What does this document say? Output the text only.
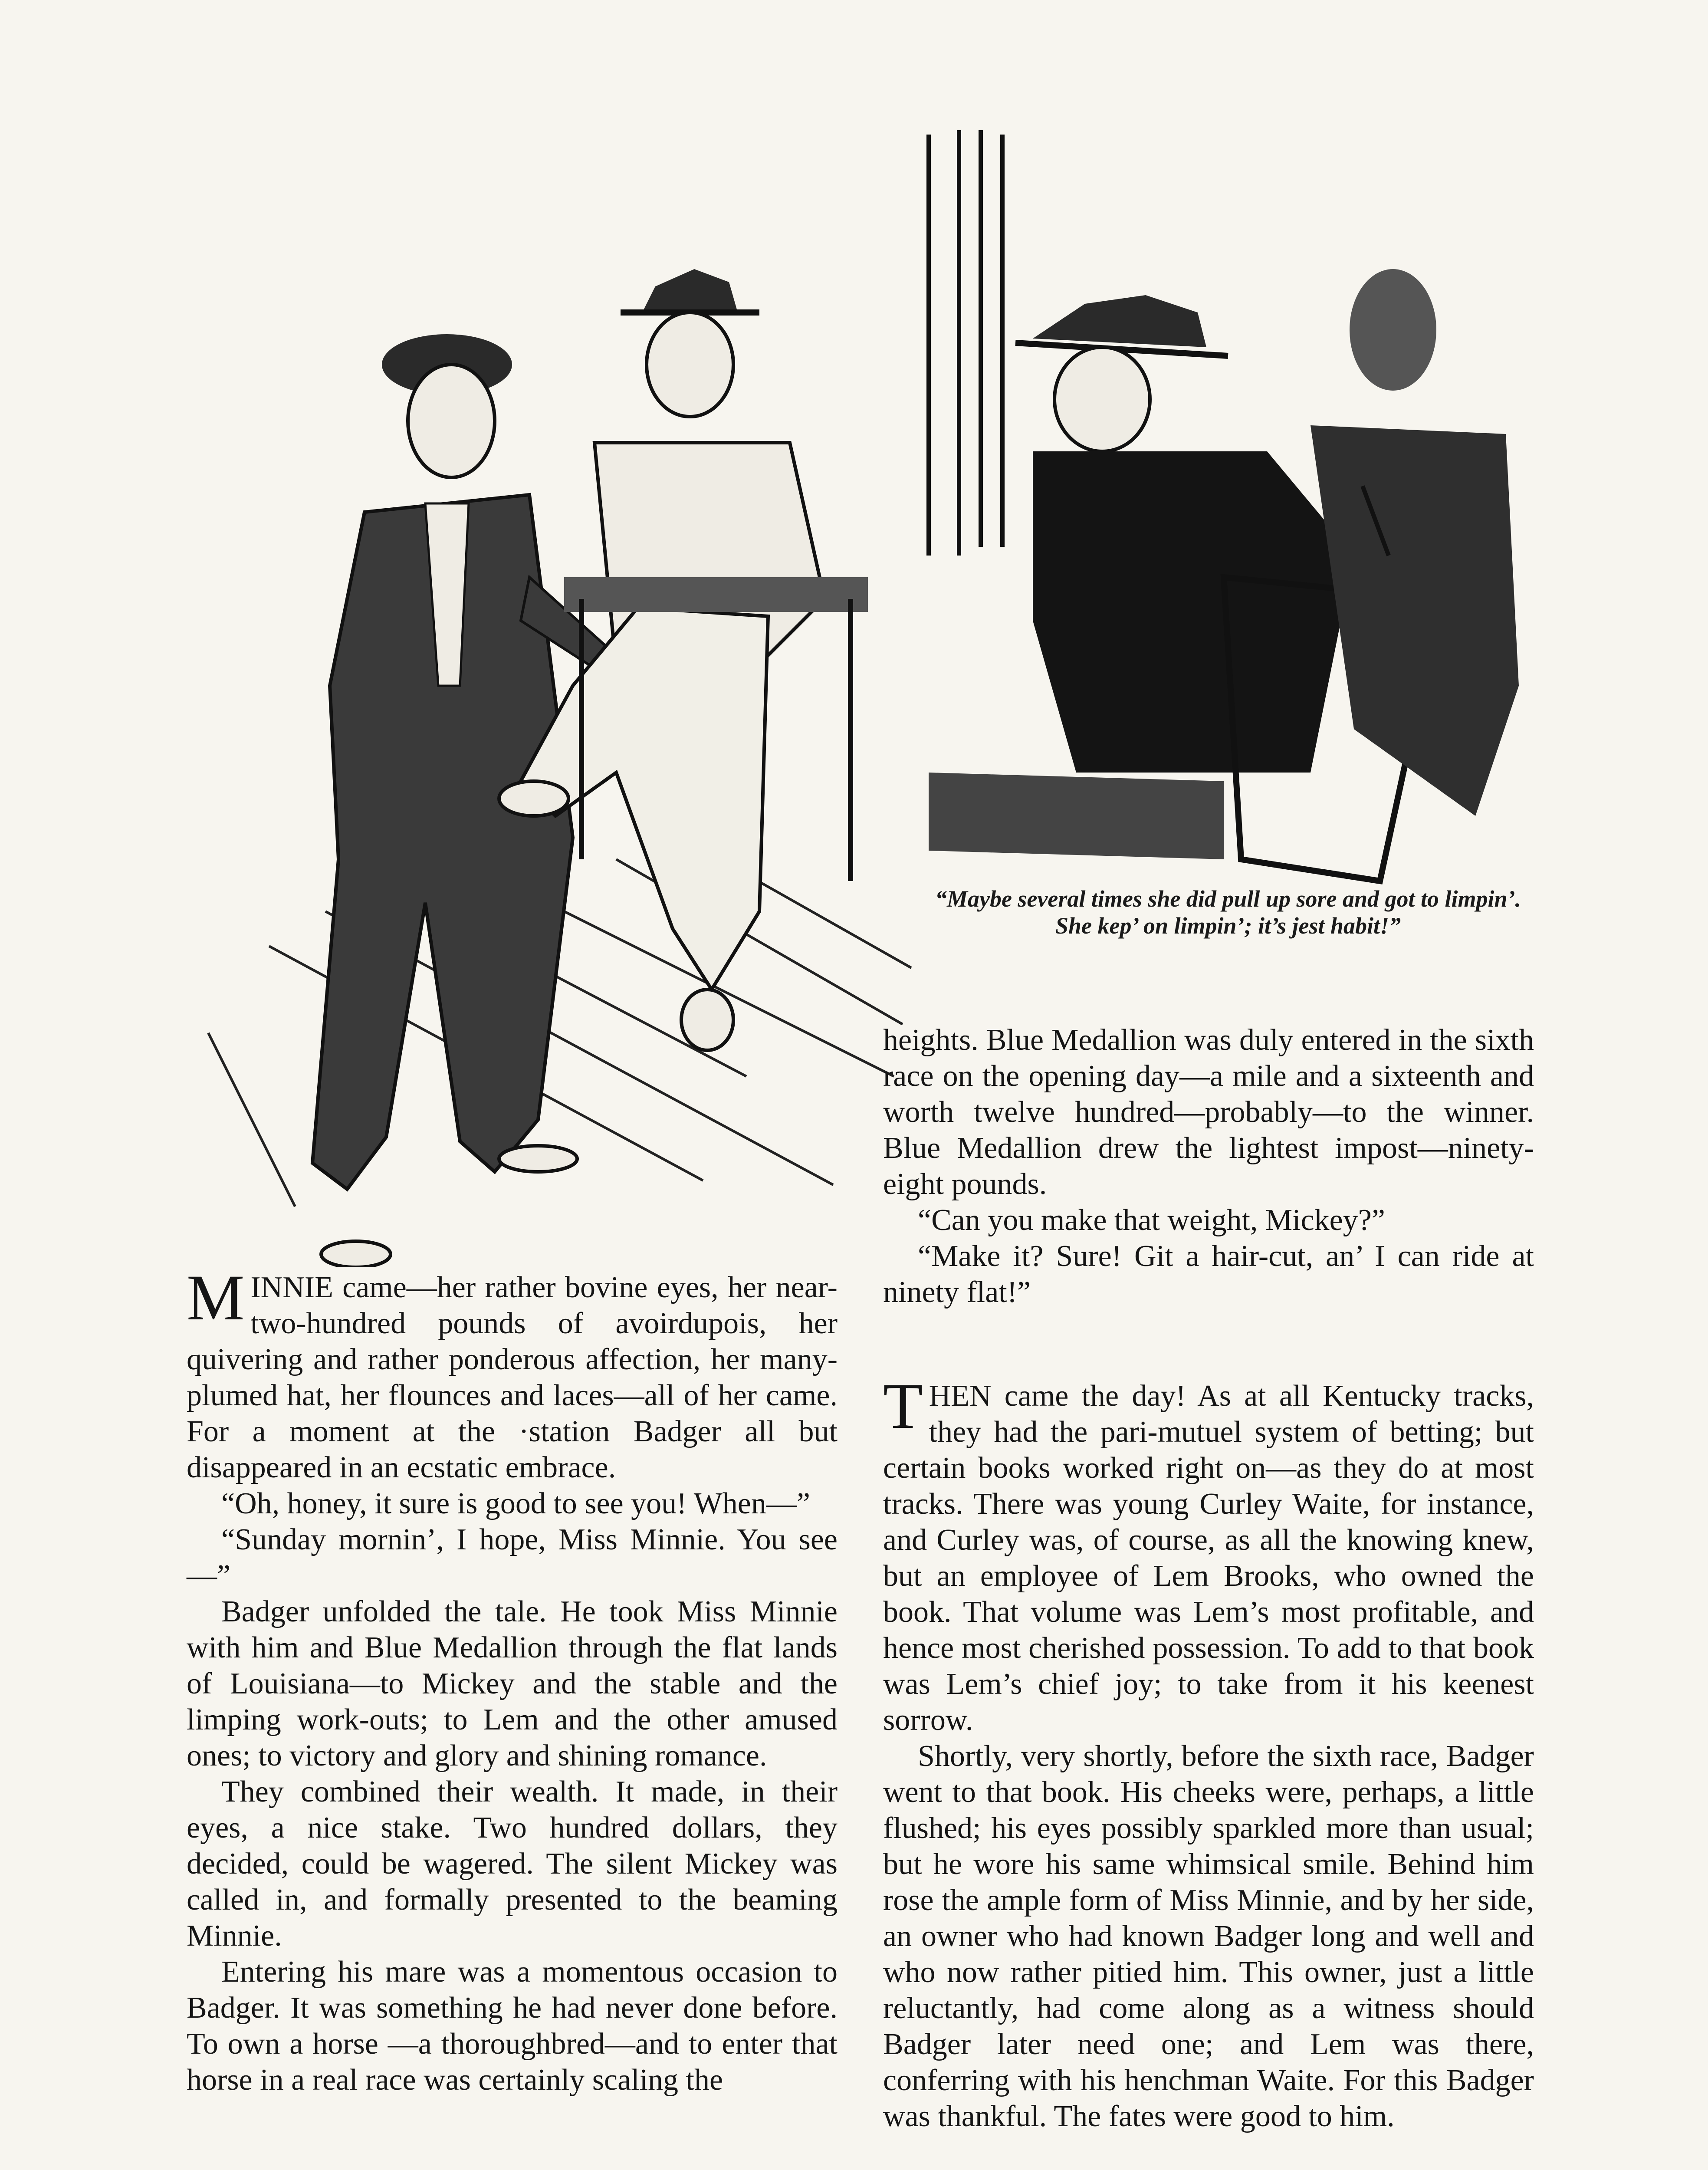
“Maybe several times she did pull up sore and got to limpin’. She kep’ on limpin’; it’s jest habit!”

MINNIE came—her rather bovine eyes, her near-two-hundred pounds of avoirdupois, her quivering and rather ponderous affection, her many-plumed hat, her flounces and laces—all of her came. For a moment at the ·station Badger all but disappeared in an ecstatic embrace.

“Oh, honey, it sure is good to see you! When—”

“Sunday mornin’, I hope, Miss Minnie. You see—”

Badger unfolded the tale. He took Miss Minnie with him and Blue Medallion through the flat lands of Louisiana—to Mickey and the stable and the limping work-outs; to Lem and the other amused ones; to victory and glory and shining romance.

They combined their wealth. It made, in their eyes, a nice stake. Two hundred dollars, they decided, could be wagered. The silent Mickey was called in, and formally presented to the beaming Minnie.

Entering his mare was a momentous occasion to Badger. It was something he had never done before. To own a horse —a thoroughbred—and to enter that horse in a real race was certainly scaling the

heights. Blue Medallion was duly entered in the sixth race on the opening day—a mile and a sixteenth and worth twelve hundred—probably—to the winner. Blue Medallion drew the lightest impost—ninety-eight pounds.

“Can you make that weight, Mickey?”

“Make it? Sure! Git a hair-cut, an’ I can ride at ninety flat!”

THEN came the day! As at all Kentucky tracks, they had the pari-mutuel system of betting; but certain books worked right on—as they do at most tracks. There was young Curley Waite, for instance, and Curley was, of course, as all the knowing knew, but an employee of Lem Brooks, who owned the book. That volume was Lem’s most profitable, and hence most cherished possession. To add to that book was Lem’s chief joy; to take from it his keenest sorrow.

Shortly, very shortly, before the sixth race, Badger went to that book. His cheeks were, perhaps, a little flushed; his eyes possibly sparkled more than usual; but he wore his same whimsical smile. Behind him rose the ample form of Miss Minnie, and by her side, an owner who had known Badger long and well and who now rather pitied him. This owner, just a little reluctantly, had come along as a witness should Badger later need one; and Lem was there, conferring with his henchman Waite. For this Badger was thankful. The fates were good to him.
